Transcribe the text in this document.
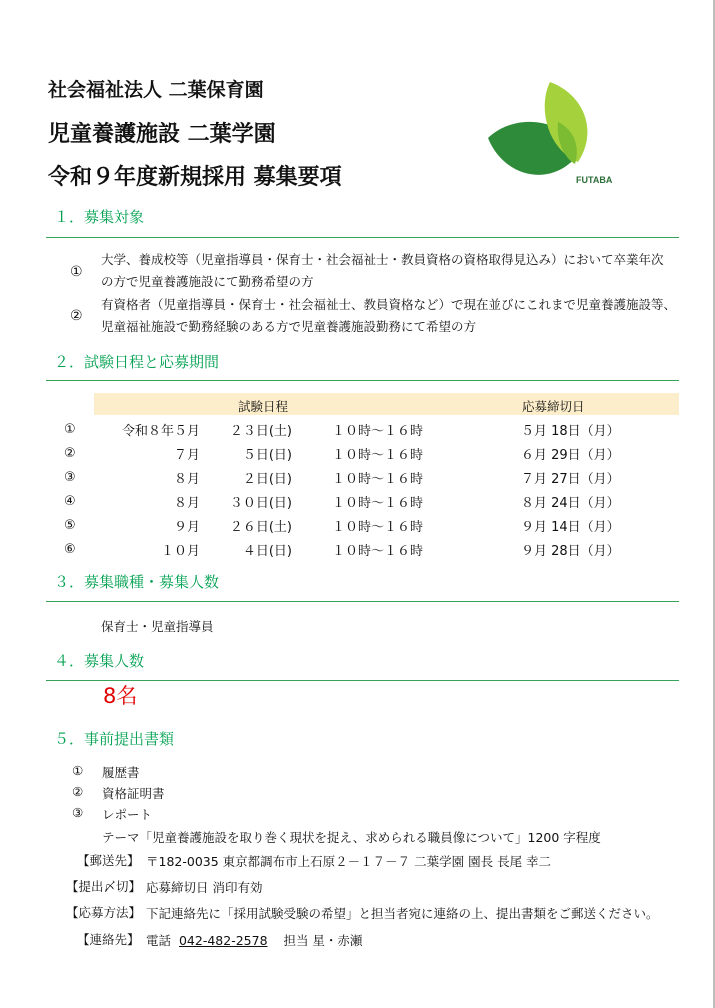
社会福祉法人 二葉保育園
児童養護施設 二葉学園
令和９年度新規採用 募集要項	FUTABA
１．募集対象
①
大学、養成校等（児童指導員・保育士・社会福祉士・教員資格の資格取得見込み）において卒業年次
の方で児童養護施設にて勤務希望の方
②
有資格者（児童指導員・保育士・社会福祉士、教員資格など）で現在並びにこれまで児童養護施設等、
児童福祉施設で勤務経験のある方で児童養護施設勤務にて希望の方
２．試験日程と応募期間
試験日程	応募締切日
①	令和８年５月	２３日(土)	１０時～１６時	５月 18日（月）
②	７月	５日(日)	１０時～１６時	６月 29日（月）
③	８月	２日(日)	１０時～１６時	７月 27日（月）
④	８月	３０日(日)	１０時～１６時	８月 24日（月）
⑤	９月	２６日(土)	１０時～１６時	９月 14日（月）
⑥	１０月	４日(日)	１０時～１６時	９月 28日（月）
３．募集職種・募集人数
保育士・児童指導員
４．募集人数
8名
５．事前提出書類
① 履歴書
② 資格証明書
③ レポート
テーマ「児童養護施設を取り巻く現状を捉え、求められる職員像について」1200 字程度
【郵送先】 〒182-0035 東京都調布市上石原２－１７－７ 二葉学園 園長 長尾 幸二
【提出〆切】 応募締切日 消印有効
【応募方法】 下記連絡先に「採用試験受験の希望」と担当者宛に連絡の上、提出書類をご郵送ください。
【連絡先】 電話 042-482-2578 担当 星・赤瀬
